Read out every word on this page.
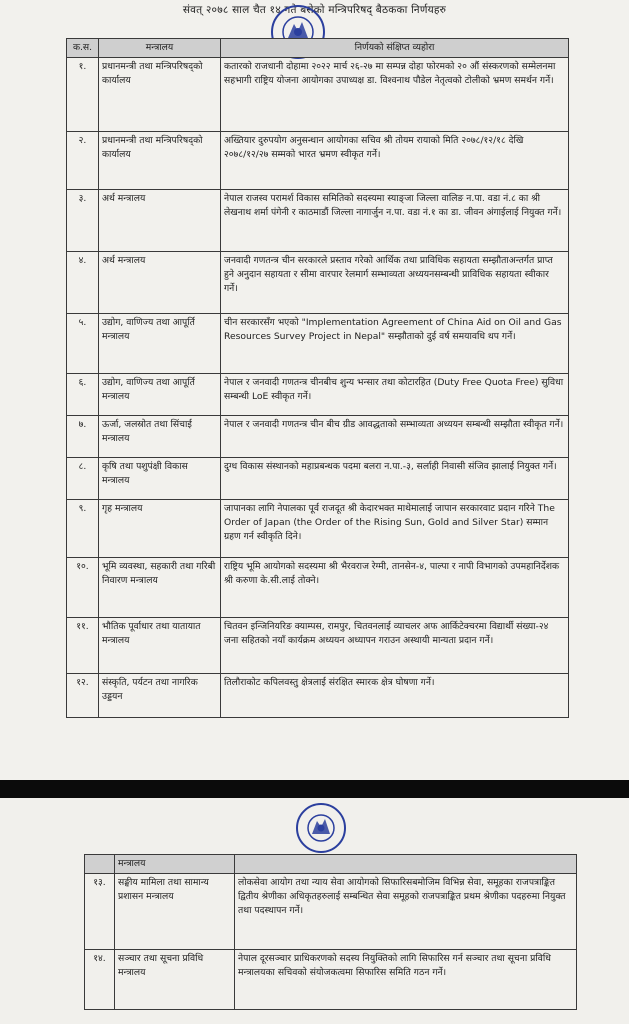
संवत् २०७८ साल चैत १४ गते बसेको मन्त्रिपरिषद् बैठकका निर्णयहरु
क.स.	मन्त्रालय	निर्णयको संक्षिप्त व्यहोरा
१.	प्रधानमन्त्री तथा मन्त्रिपरिषद्को कार्यालय	कतारको राजधानी दोहामा २०२२ मार्च २६-२७ मा सम्पन्न दोहा फोरमको २० औं संस्करणको सम्मेलनमा सहभागी राष्ट्रिय योजना आयोगका उपाध्यक्ष डा. विश्वनाथ पौडेल नेतृत्वको टोलीको भ्रमण समर्थन गर्ने।
२.	प्रधानमन्त्री तथा मन्त्रिपरिषद्को कार्यालय	अख्तियार दुरुपयोग अनुसन्धान आयोगका सचिव श्री तोयम रायाको मिति २०७८/१२/१८ देखि २०७८/१२/२७ सम्मको भारत भ्रमण स्वीकृत गर्ने।
३.	अर्थ मन्त्रालय	नेपाल राजस्व परामर्श विकास समितिको सदस्यमा स्याङ्जा जिल्ला वालिङ न.पा. वडा नं.८ का श्री लेखनाथ शर्मा पंगेनी र काठमाडौं जिल्ला नागार्जुन न.पा. वडा नं.१ का डा. जीवन अंगाईलाई नियुक्त गर्ने।
४.	अर्थ मन्त्रालय	जनवादी गणतन्त्र चीन सरकारले प्रस्ताव गरेको आर्थिक तथा प्राविधिक सहायता सम्झौताअन्तर्गत प्राप्त हुने अनुदान सहायता र सीमा वारपार रेलमार्ग सम्भाव्यता अध्ययनसम्बन्धी प्राविधिक सहायता स्वीकार गर्ने।
५.	उद्योग, वाणिज्य तथा आपूर्ति मन्त्रालय	चीन सरकारसँग भएको "Implementation Agreement of China Aid on Oil and Gas Resources Survey Project in Nepal" सम्झौताको दुई वर्ष समयावधि थप गर्ने।
६.	उद्योग, वाणिज्य तथा आपूर्ति मन्त्रालय	नेपाल र जनवादी गणतन्त्र चीनबीच शुन्य भन्सार तथा कोटारहित (Duty Free Quota Free) सुविधा सम्बन्धी LoE स्वीकृत गर्ने।
७.	ऊर्जा, जलस्रोत तथा सिंचाई मन्त्रालय	नेपाल र जनवादी गणतन्त्र चीन बीच ग्रीड आवद्धताको सम्भाव्यता अध्ययन सम्बन्धी सम्झौता स्वीकृत गर्ने।
८.	कृषि तथा पशुपंक्षी विकास मन्त्रालय	दुग्ध विकास संस्थानको महाप्रबन्धक पदमा बलरा न.पा.-३, सर्लाही निवासी संजिव झालाई नियुक्त गर्ने।
९.	गृह मन्त्रालय	जापानका लागि नेपालका पूर्व राजदूत श्री केदारभक्त माथेमालाई जापान सरकारवाट प्रदान गरिने The Order of Japan (the Order of the Rising Sun, Gold and Silver Star) सम्मान ग्रहण गर्न स्वीकृति दिने।
१०.	भूमि व्यवस्था, सहकारी तथा गरिबी निवारण मन्त्रालय	राष्ट्रिय भूमि आयोगको सदस्यमा श्री भैरवराज रेग्मी, तानसेन-४, पाल्पा र नापी विभागको उपमहानिर्देशक श्री करुणा के.सी.लाई तोक्ने।
११.	भौतिक पूर्वाधार तथा यातायात मन्त्रालय	चितवन इन्जिनियरिङ क्याम्पस, रामपुर, चितवनलाई व्याचलर अफ आर्किटेक्चरमा विद्यार्थी संख्या-२४ जना सहितको नयाँ कार्यक्रम अध्ययन अध्यापन गराउन अस्थायी मान्यता प्रदान गर्ने।
१२.	संस्कृति, पर्यटन तथा नागरिक उड्डयन	तिलौराकोट कपिलवस्तु क्षेत्रलाई संरक्षित स्मारक क्षेत्र घोषणा गर्ने।
	मन्त्रालय	
१३.	सङ्घीय मामिला तथा सामान्य प्रशासन मन्त्रालय	लोकसेवा आयोग तथा न्याय सेवा आयोगको सिफारिसबमोजिम विभिन्न सेवा, समूहका राजपत्राङ्कित द्वितीय श्रेणीका अधिकृतहरुलाई सम्बन्धित सेवा समूहको राजपत्राङ्कित प्रथम श्रेणीका पदहरुमा नियुक्त तथा पदस्थापन गर्ने।
१४.	सञ्चार तथा सूचना प्रविधि मन्त्रालय	नेपाल दूरसञ्चार प्राधिकरणको सदस्य नियुक्तिको लागि सिफारिस गर्न सञ्चार तथा सूचना प्रविधि मन्त्रालयका सचिवको संयोजकत्वमा सिफारिस समिति गठन गर्ने।
